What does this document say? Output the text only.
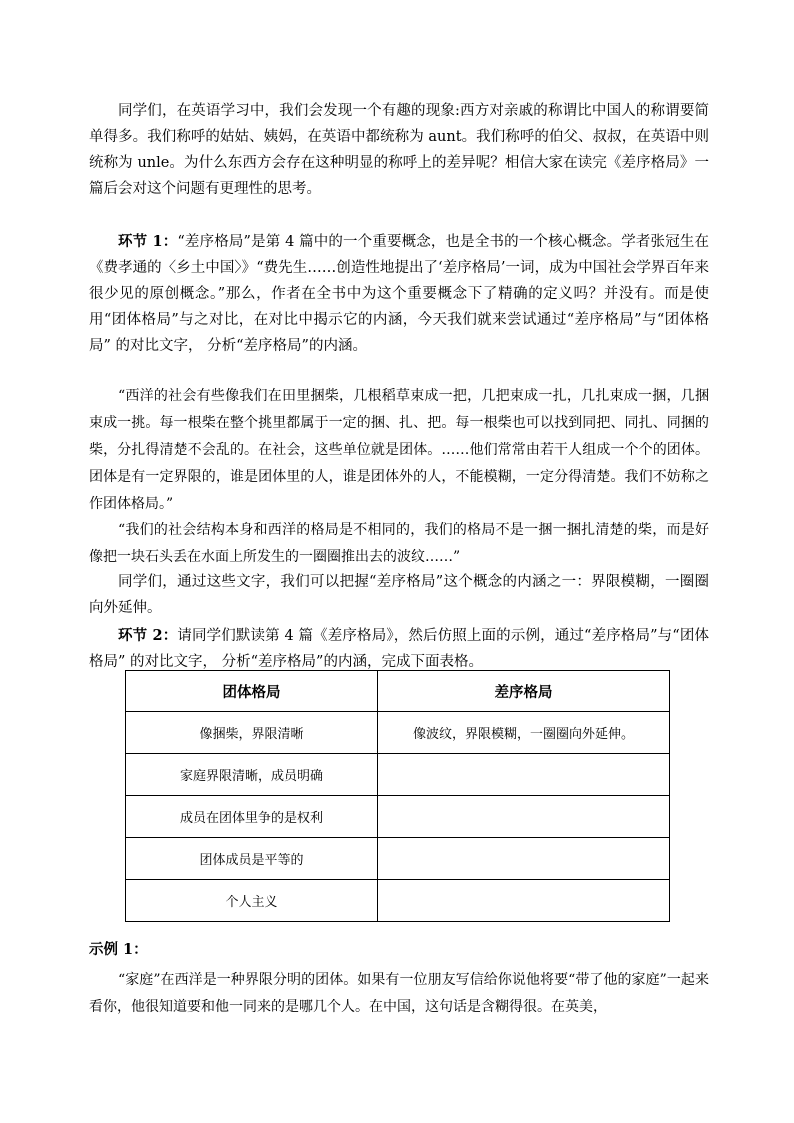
同学们，在英语学习中，我们会发现一个有趣的现象:西方对亲戚的称谓比中国人的称谓要简单得多。我们称呼的姑姑、姨妈，在英语中都统称为 aunt。我们称呼的伯父、叔叔，在英语中则统称为 unle。为什么东西方会存在这种明显的称呼上的差异呢？相信大家在读完《差序格局》一篇后会对这个问题有更理性的思考。
环节 1：“差序格局”是第 4 篇中的一个重要概念，也是全书的一个核心概念。学者张冠生在《费孝通的〈乡土中国〉》“费先生……创造性地提出了‘差序格局’一词，成为中国社会学界百年来很少见的原创概念。”那么，作者在全书中为这个重要概念下了精确的定义吗？并没有。而是使用“团体格局”与之对比，在对比中揭示它的内涵，今天我们就来尝试通过“差序格局”与“团体格局” 的对比文字， 分析“差序格局”的内涵。
“西洋的社会有些像我们在田里捆柴，几根稻草束成一把，几把束成一扎，几扎束成一捆，几捆束成一挑。每一根柴在整个挑里都属于一定的捆、扎、把。每一根柴也可以找到同把、同扎、同捆的柴，分扎得清楚不会乱的。在社会，这些单位就是团体。……他们常常由若干人组成一个个的团体。团体是有一定界限的，谁是团体里的人，谁是团体外的人，不能模糊，一定分得清楚。我们不妨称之作团体格局。”
“我们的社会结构本身和西洋的格局是不相同的，我们的格局不是一捆一捆扎清楚的柴，而是好像把一块石头丢在水面上所发生的一圈圈推出去的波纹……”
同学们，通过这些文字，我们可以把握“差序格局”这个概念的内涵之一：界限模糊，一圈圈向外延伸。
环节 2：请同学们默读第 4 篇《差序格局》，然后仿照上面的示例，通过“差序格局”与“团体格局” 的对比文字， 分析“差序格局”的内涵，完成下面表格。
团体格局	差序格局
像捆柴，界限清晰	像波纹，界限模糊，一圈圈向外延伸。
家庭界限清晰，成员明确	
成员在团体里争的是权利	
团体成员是平等的	
个人主义	
示例 1：
“家庭”在西洋是一种界限分明的团体。如果有一位朋友写信给你说他将要“带了他的家庭”一起来看你，他很知道要和他一同来的是哪几个人。在中国，这句话是含糊得很。在英美，
